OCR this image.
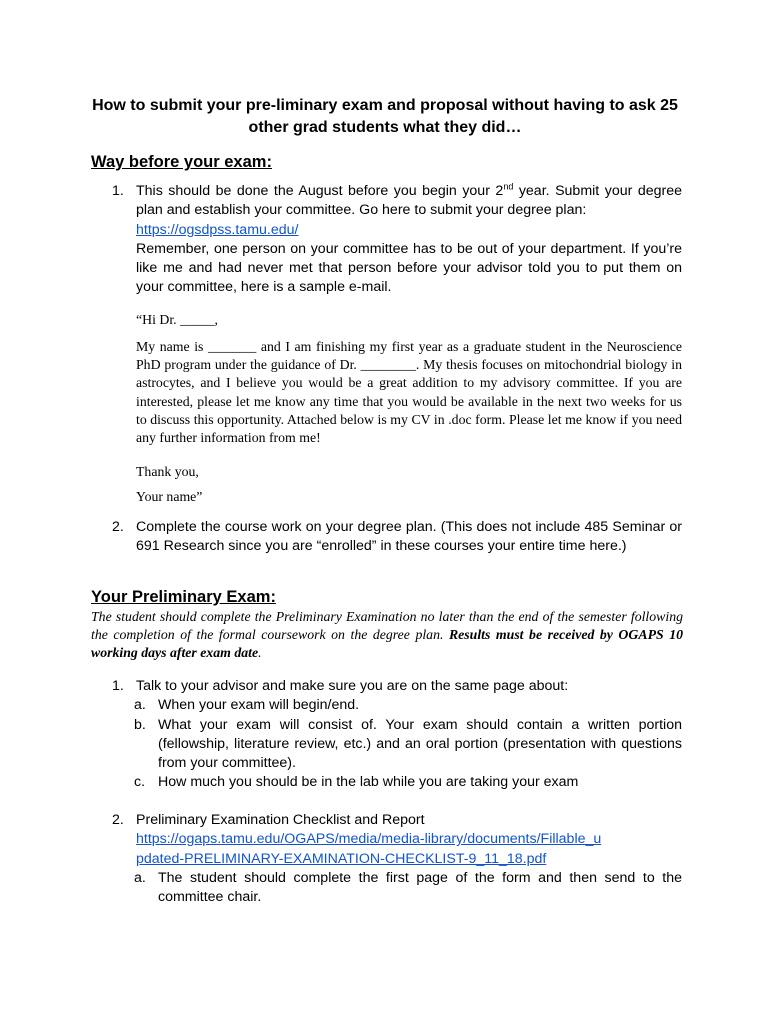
How to submit your pre-liminary exam and proposal without having to ask 25 other grad students what they did…
Way before your exam:
1. This should be done the August before you begin your 2nd year. Submit your degree plan and establish your committee. Go here to submit your degree plan:
https://ogsdpss.tamu.edu/
Remember, one person on your committee has to be out of your department. If you’re like me and had never met that person before your advisor told you to put them on your committee, here is a sample e-mail.
“Hi Dr. _____,
My name is _______ and I am finishing my first year as a graduate student in the Neuroscience PhD program under the guidance of Dr. ________. My thesis focuses on mitochondrial biology in astrocytes, and I believe you would be a great addition to my advisory committee. If you are interested, please let me know any time that you would be available in the next two weeks for us to discuss this opportunity. Attached below is my CV in .doc form. Please let me know if you need any further information from me!
Thank you,
Your name”
2. Complete the course work on your degree plan. (This does not include 485 Seminar or 691 Research since you are “enrolled” in these courses your entire time here.)
Your Preliminary Exam:
The student should complete the Preliminary Examination no later than the end of the semester following the completion of the formal coursework on the degree plan. Results must be received by OGAPS 10 working days after exam date.
1. Talk to your advisor and make sure you are on the same page about:
a. When your exam will begin/end.
b. What your exam will consist of. Your exam should contain a written portion (fellowship, literature review, etc.) and an oral portion (presentation with questions from your committee).
c. How much you should be in the lab while you are taking your exam
2. Preliminary Examination Checklist and Report
https://ogaps.tamu.edu/OGAPS/media/media-library/documents/Fillable_updated-PRELIMINARY-EXAMINATION-CHECKLIST-9_11_18.pdf
a. The student should complete the first page of the form and then send to the committee chair.
